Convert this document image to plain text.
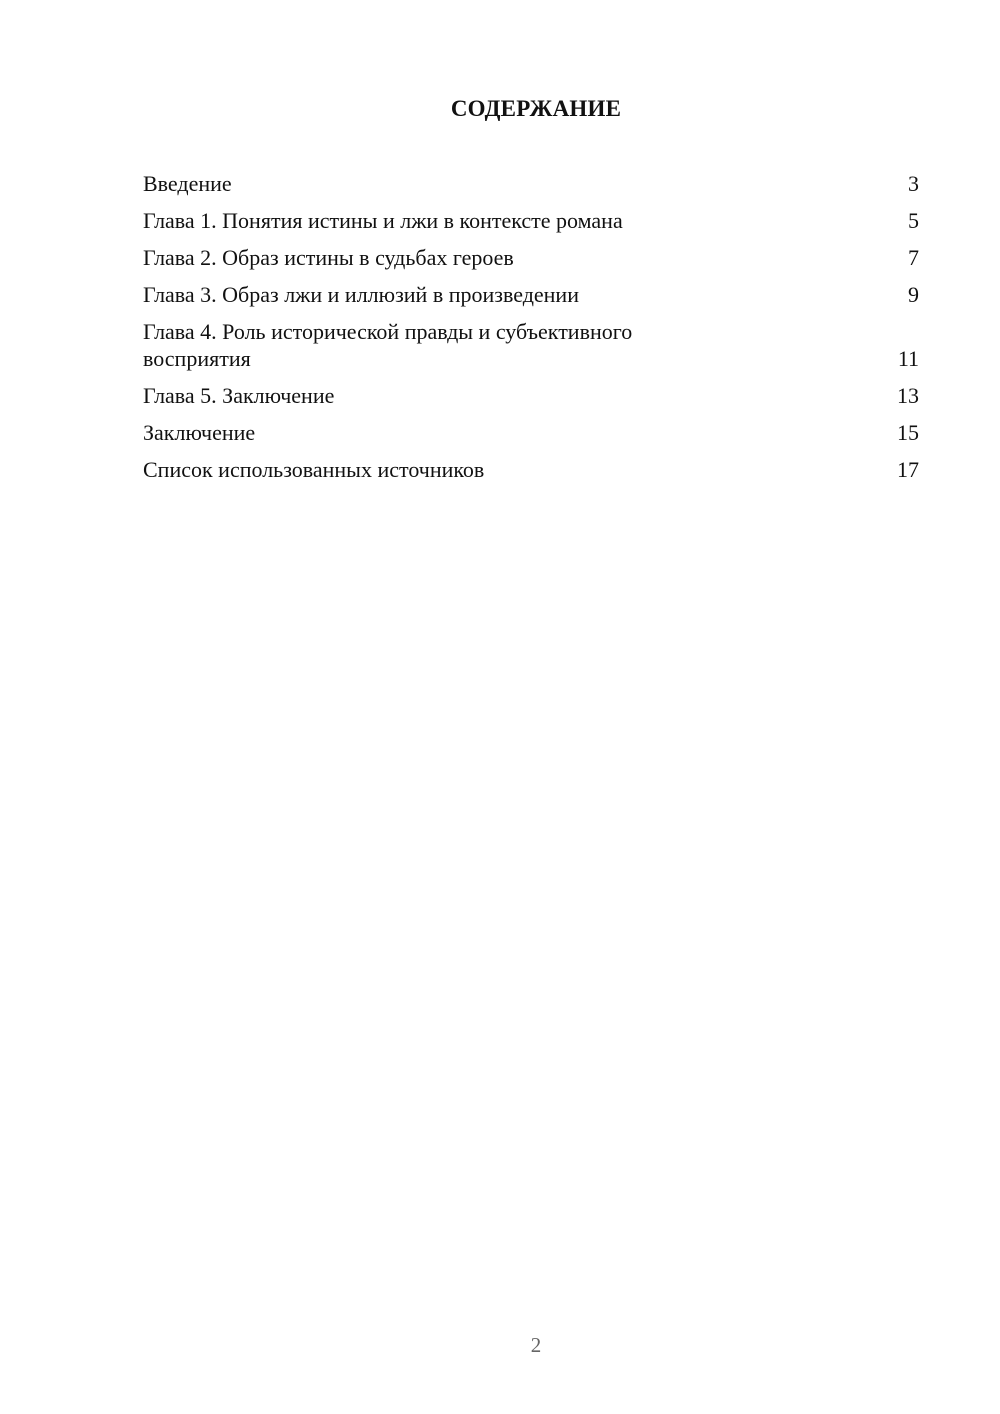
СОДЕРЖАНИЕ
Введение	3
Глава 1. Понятия истины и лжи в контексте романа	5
Глава 2. Образ истины в судьбах героев	7
Глава 3. Образ лжи и иллюзий в произведении	9
Глава 4. Роль исторической правды и субъективного восприятия	11
Глава 5. Заключение	13
Заключение	15
Список использованных источников	17
2
